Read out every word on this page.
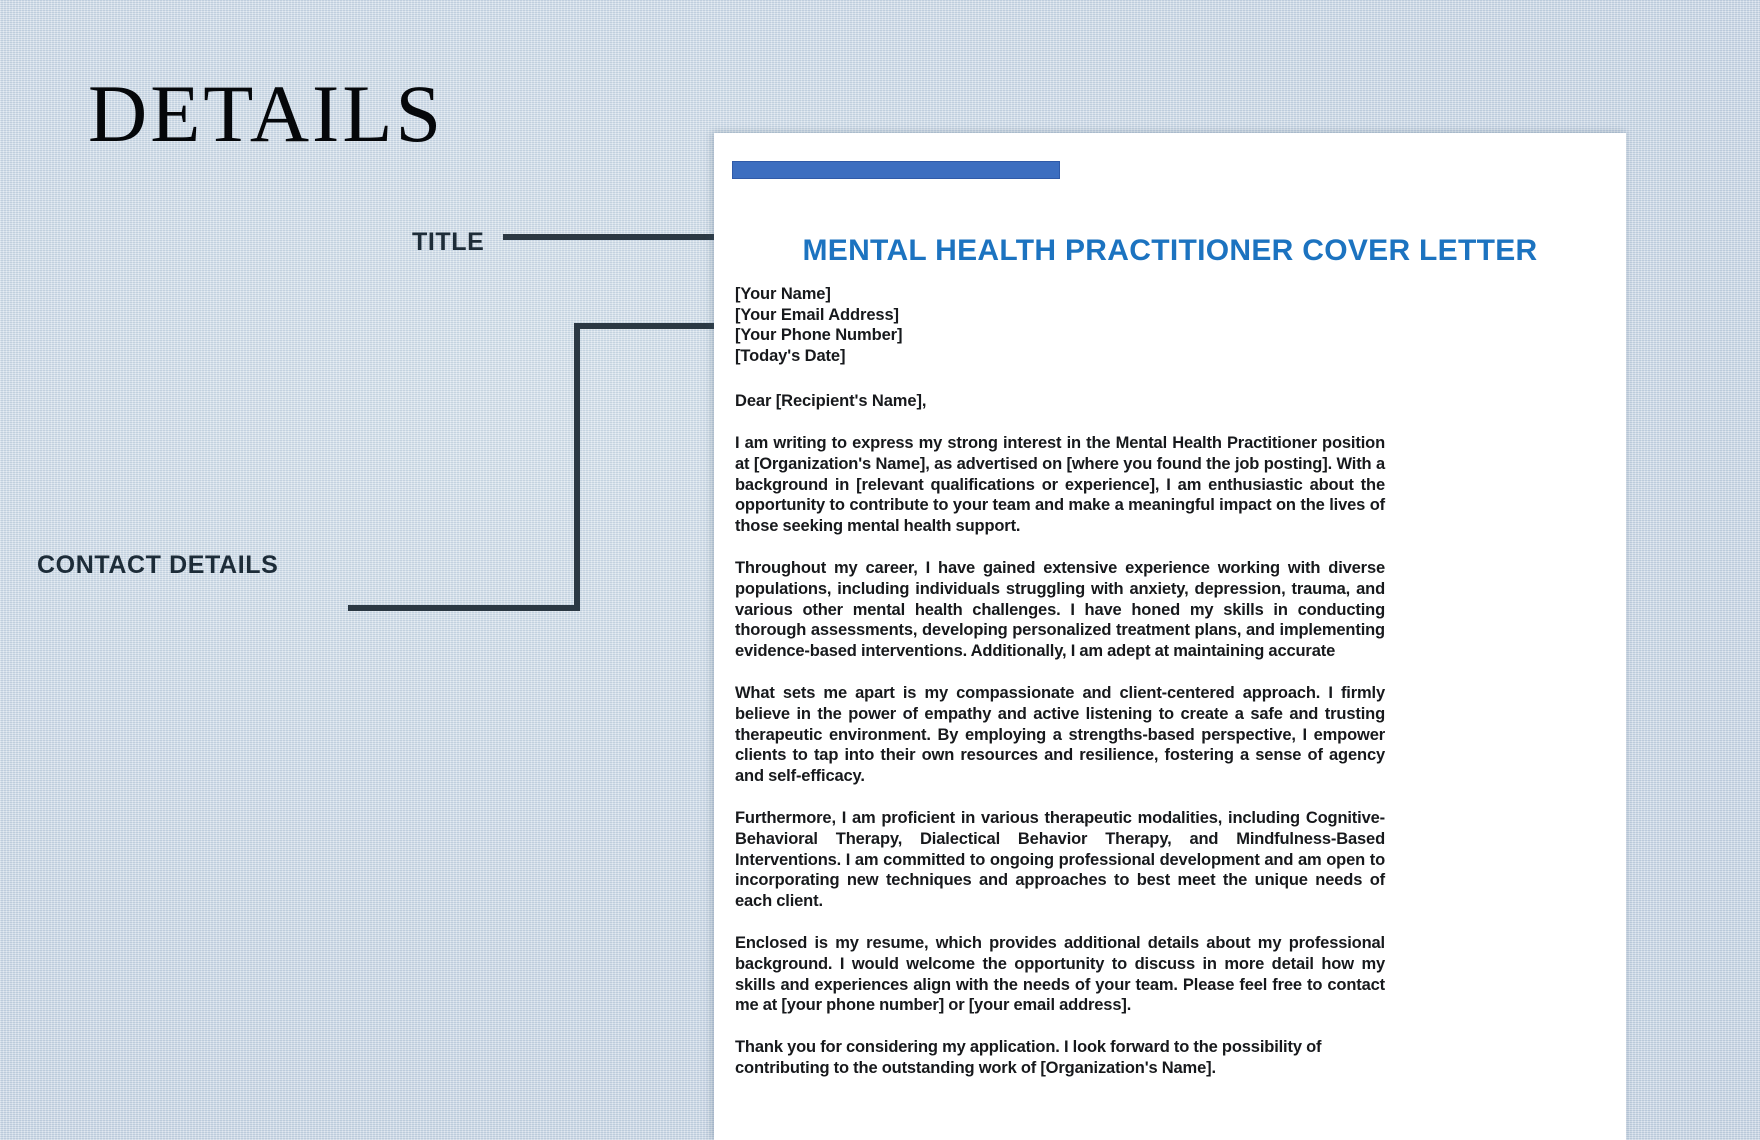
DETAILS
TITLE
CONTACT DETAILS
MENTAL HEALTH PRACTITIONER COVER LETTER
[Your Name]
[Your Email Address]
[Your Phone Number]
[Today's Date]
Dear [Recipient's Name],
I am writing to express my strong interest in the Mental Health Practitioner position at [Organization's Name], as advertised on [where you found the job posting]. With a background in [relevant qualifications or experience], I am enthusiastic about the opportunity to contribute to your team and make a meaningful impact on the lives of those seeking mental health support.
Throughout my career, I have gained extensive experience working with diverse populations, including individuals struggling with anxiety, depression, trauma, and various other mental health challenges. I have honed my skills in conducting thorough assessments, developing personalized treatment plans, and implementing evidence-based interventions. Additionally, I am adept at maintaining accurate
What sets me apart is my compassionate and client-centered approach. I firmly believe in the power of empathy and active listening to create a safe and trusting therapeutic environment. By employing a strengths-based perspective, I empower clients to tap into their own resources and resilience, fostering a sense of agency and self-efficacy.
Furthermore, I am proficient in various therapeutic modalities, including Cognitive-Behavioral Therapy, Dialectical Behavior Therapy, and Mindfulness-Based Interventions. I am committed to ongoing professional development and am open to incorporating new techniques and approaches to best meet the unique needs of each client.
Enclosed is my resume, which provides additional details about my professional background. I would welcome the opportunity to discuss in more detail how my skills and experiences align with the needs of your team. Please feel free to contact me at [your phone number] or [your email address].
Thank you for considering my application. I look forward to the possibility of contributing to the outstanding work of [Organization's Name].
